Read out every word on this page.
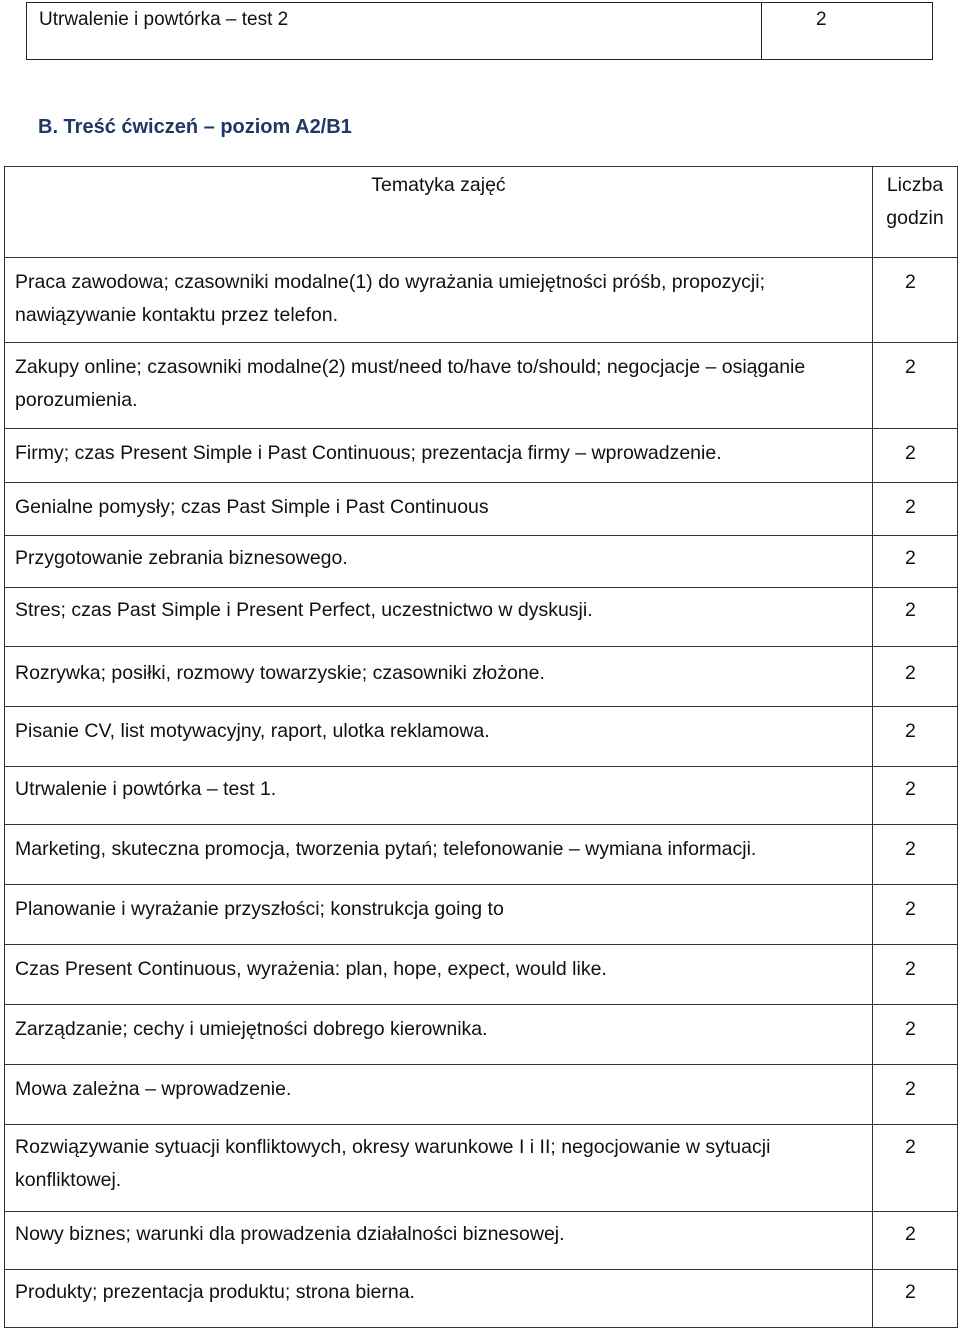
Utrwalenie i powtórka – test 2	2
B. Treść ćwiczeń – poziom A2/B1
Tematyka zajęć	Liczba godzin
Praca zawodowa; czasowniki modalne(1) do wyrażania umiejętności próśb, propozycji; nawiązywanie kontaktu przez telefon.	2
Zakupy online; czasowniki modalne(2) must/need to/have to/should; negocjacje – osiąganie porozumienia.	2
Firmy; czas Present Simple i Past Continuous; prezentacja firmy – wprowadzenie.	2
Genialne pomysły; czas Past Simple i Past Continuous	2
Przygotowanie zebrania biznesowego.	2
Stres; czas Past Simple i Present Perfect, uczestnictwo w dyskusji.	2
Rozrywka; posiłki, rozmowy towarzyskie; czasowniki złożone.	2
Pisanie CV, list motywacyjny, raport, ulotka reklamowa.	2
Utrwalenie i powtórka – test 1.	2
Marketing, skuteczna promocja, tworzenia pytań; telefonowanie – wymiana informacji.	2
Planowanie i wyrażanie przyszłości; konstrukcja going to	2
Czas Present Continuous, wyrażenia: plan, hope, expect, would like.	2
Zarządzanie; cechy i umiejętności dobrego kierownika.	2
Mowa zależna – wprowadzenie.	2
Rozwiązywanie sytuacji konfliktowych, okresy warunkowe I i II; negocjowanie w sytuacji konfliktowej.	2
Nowy biznes; warunki dla prowadzenia działalności biznesowej.	2
Produkty; prezentacja produktu; strona bierna.	2
